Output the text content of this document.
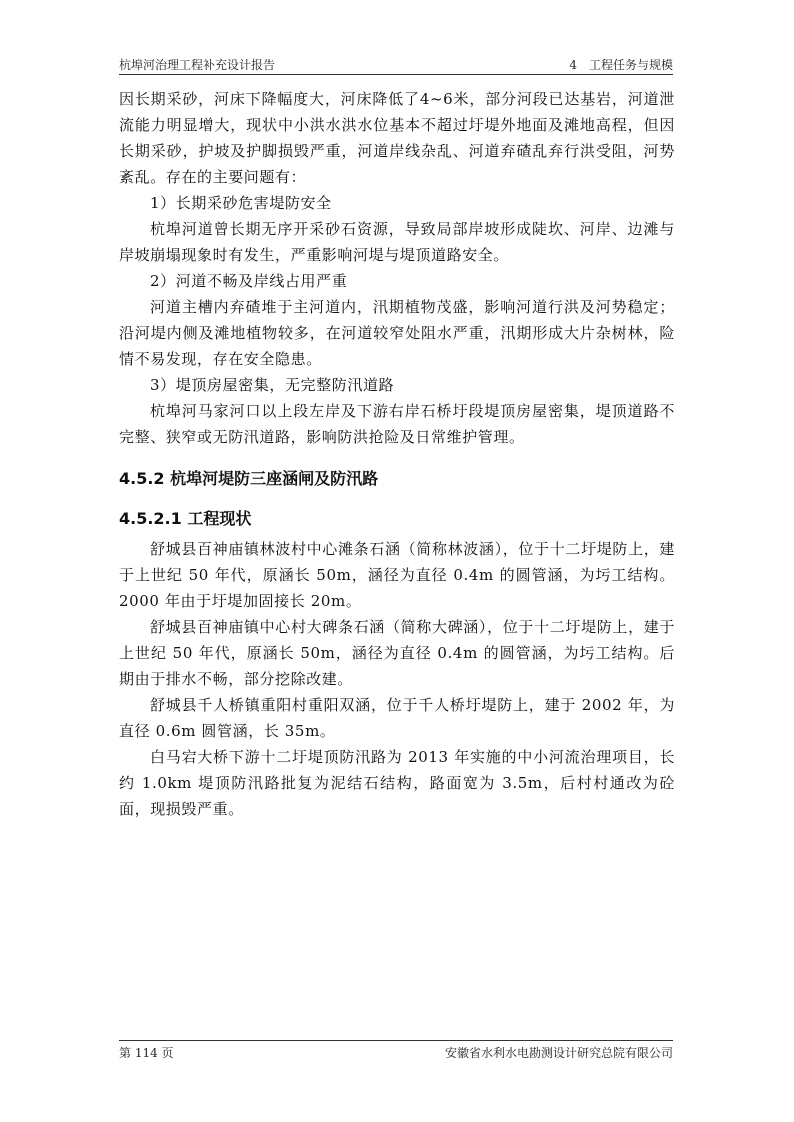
杭埠河治理工程补充设计报告	4　工程任务与规模

因长期采砂，河床下降幅度大，河床降低了4~6米，部分河段已达基岩，河道泄流能力明显增大，现状中小洪水洪水位基本不超过圩堤外地面及滩地高程，但因长期采砂，护坡及护脚损毁严重，河道岸线杂乱、河道弃碴乱弃行洪受阻，河势紊乱。存在的主要问题有：

1）长期采砂危害堤防安全

杭埠河道曾长期无序开采砂石资源，导致局部岸坡形成陡坎、河岸、边滩与岸坡崩塌现象时有发生，严重影响河堤与堤顶道路安全。

2）河道不畅及岸线占用严重

河道主槽内弃碴堆于主河道内，汛期植物茂盛，影响河道行洪及河势稳定；沿河堤内侧及滩地植物较多，在河道较窄处阻水严重，汛期形成大片杂树林，险情不易发现，存在安全隐患。

3）堤顶房屋密集，无完整防汛道路

杭埠河马家河口以上段左岸及下游右岸石桥圩段堤顶房屋密集，堤顶道路不完整、狭窄或无防汛道路，影响防洪抢险及日常维护管理。

4.5.2 杭埠河堤防三座涵闸及防汛路
4.5.2.1 工程现状

舒城县百神庙镇林波村中心滩条石涵（简称林波涵），位于十二圩堤防上，建于上世纪 50 年代，原涵长 50m，涵径为直径 0.4m 的圆管涵，为圬工结构。2000 年由于圩堤加固接长 20m。

舒城县百神庙镇中心村大碑条石涵（简称大碑涵），位于十二圩堤防上，建于上世纪 50 年代，原涵长 50m，涵径为直径 0.4m 的圆管涵，为圬工结构。后期由于排水不畅，部分挖除改建。

舒城县千人桥镇重阳村重阳双涵，位于千人桥圩堤防上，建于 2002 年，为直径 0.6m 圆管涵，长 35m。

白马宕大桥下游十二圩堤顶防汛路为 2013 年实施的中小河流治理项目，长约 1.0km 堤顶防汛路批复为泥结石结构，路面宽为 3.5m，后村村通改为砼面，现损毁严重。

第 114 页	安徽省水利水电勘测设计研究总院有限公司
